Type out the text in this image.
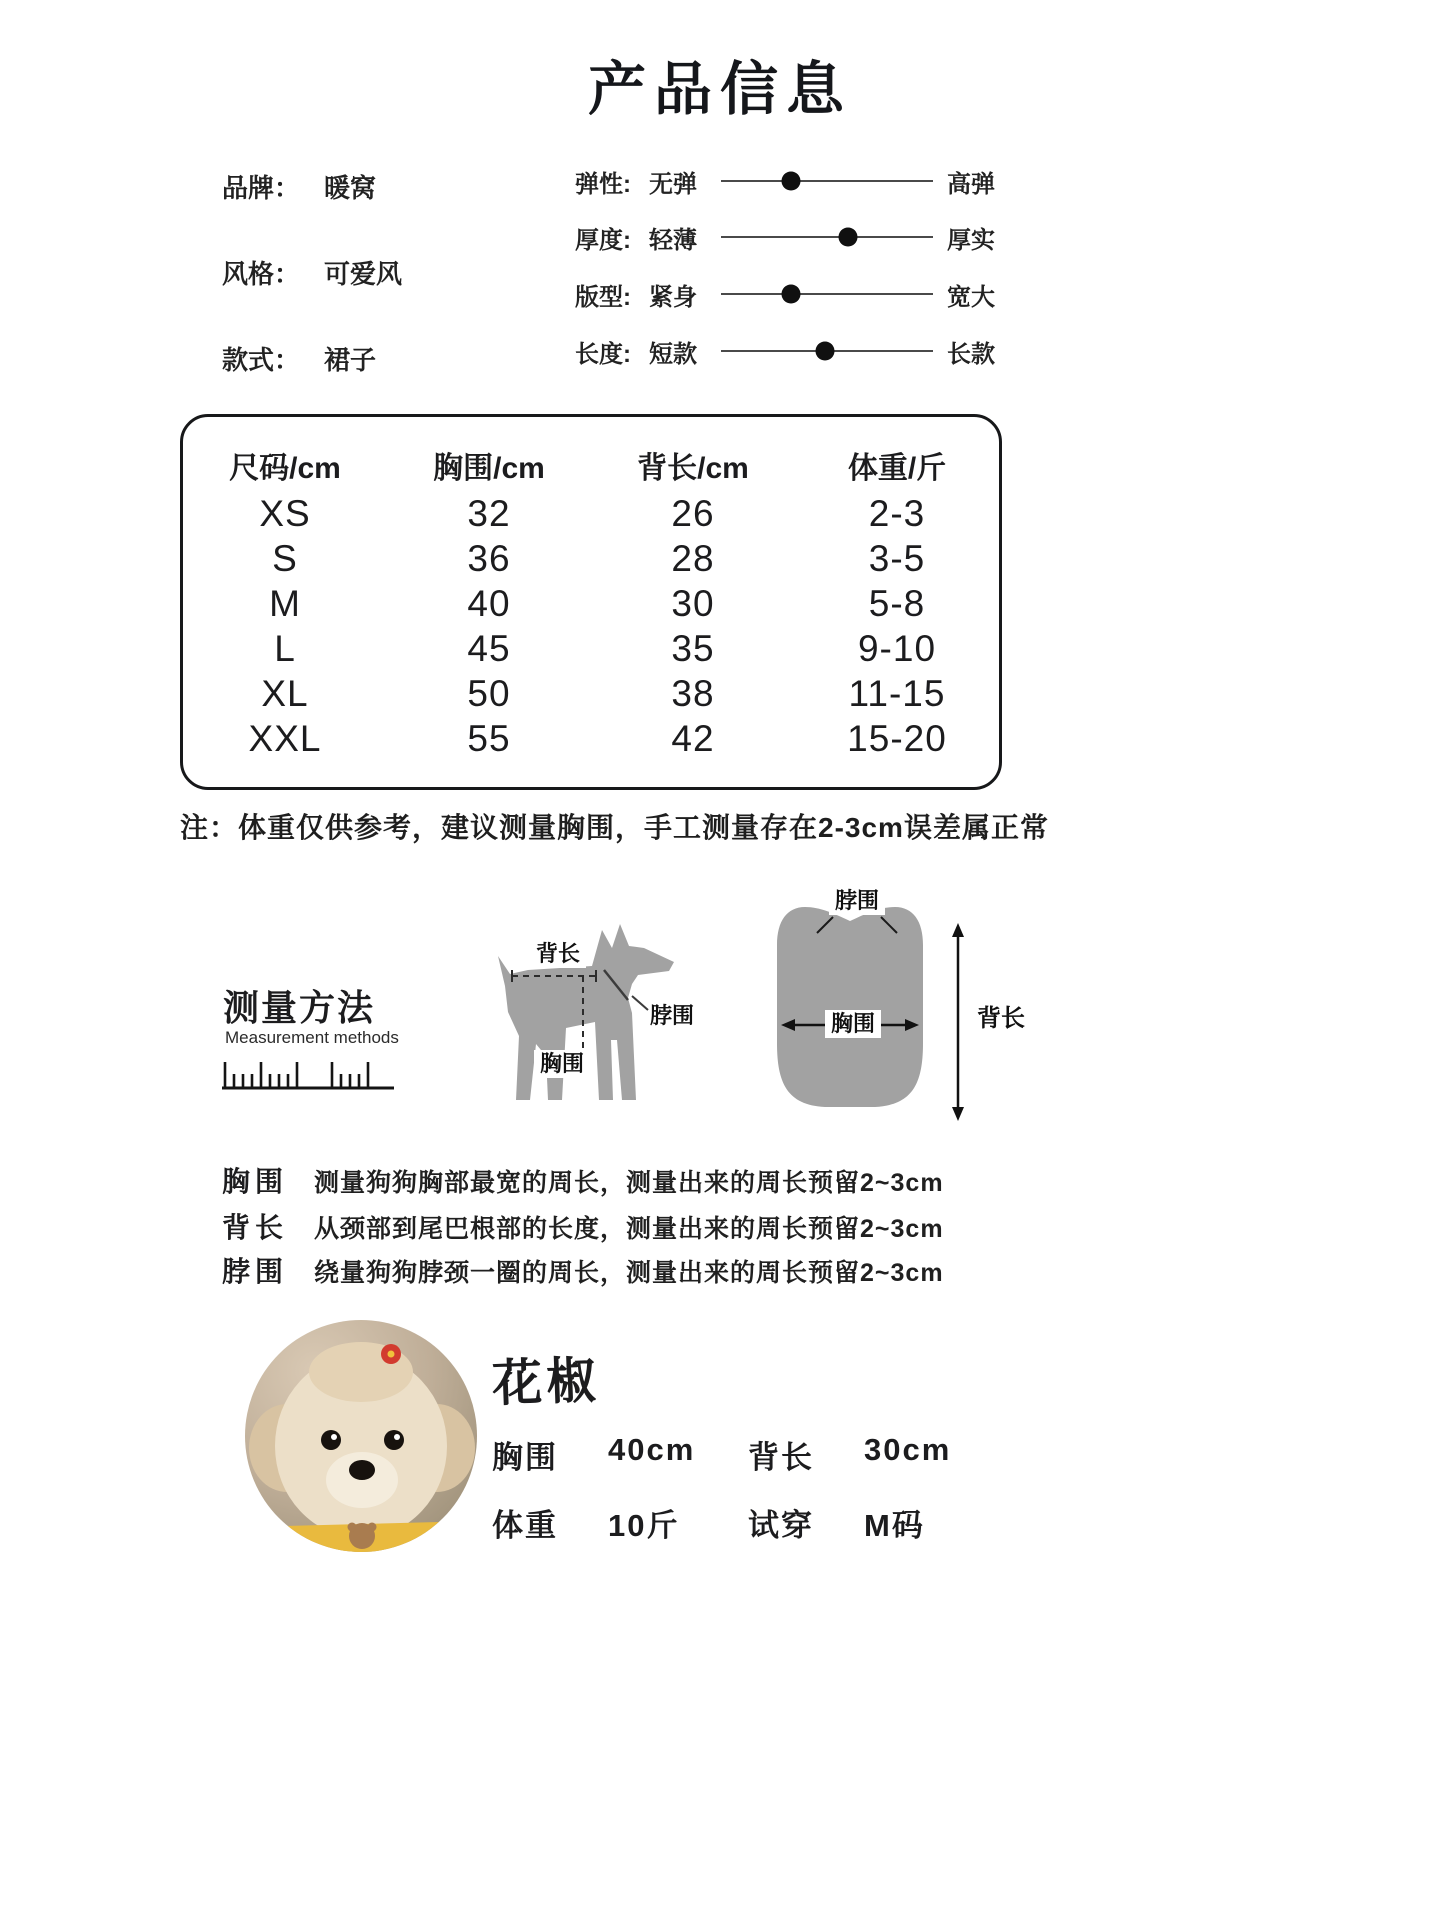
产品信息
品牌： 暖窝
风格： 可爱风
款式： 裙子
弹性: 无弹	高弹
厚度: 轻薄	厚实
版型: 紧身	宽大
长度: 短款	长款
尺码/cm	胸围/cm	背长/cm	体重/斤
XS	32	26	2-3
S	36	28	3-5
M	40	30	5-8
L	45	35	9-10
XL	50	38	11-15
XXL	55	42	15-20

注：体重仅供参考，建议测量胸围，手工测量存在2-3cm误差属正常

测量方法
Measurement methods
背长
脖围
胸围
脖围
胸围	背长
胸围	测量狗狗胸部最宽的周长，测量出来的周长预留2~3cm
背长	从颈部到尾巴根部的长度，测量出来的周长预留2~3cm
脖围	绕量狗狗脖颈一圈的周长，测量出来的周长预留2~3cm
花椒
胸围	40cm 背长	30cm
体重	10斤 试穿	M码
